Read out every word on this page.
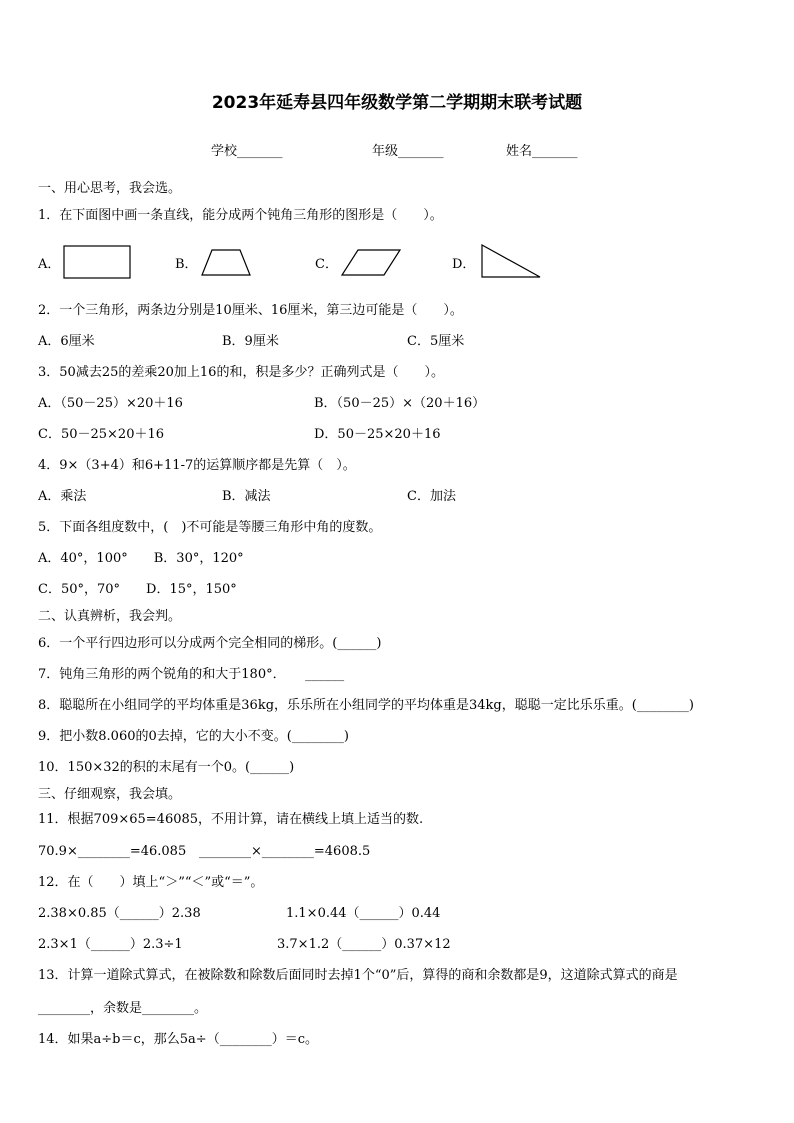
2023年延寿县四年级数学第二学期期末联考试题
学校_______	年级_______	姓名_______
一、用心思考，我会选。
1．在下面图中画一条直线，能分成两个钝角三角形的图形是（　　）。
A．	B．	C．	D．
2．一个三角形，两条边分别是10厘米、16厘米，第三边可能是（　　）。
A．6厘米	B．9厘米	C．5厘米
3．50减去25的差乘20加上16的和，积是多少？正确列式是（　　）。
A．（50－25）×20＋16	B．（50－25）×（20＋16）
C．50－25×20＋16	D．50－25×20＋16
4．9×（3+4）和6+11-7的运算顺序都是先算（　）。
A．乘法	B．减法	C．加法
5．下面各组度数中，(　)不可能是等腰三角形中角的度数。
A．40°，100°　　B．30°，120°
C．50°，70°　　D．15°，150°
二、认真辨析，我会判。
6．一个平行四边形可以分成两个完全相同的梯形。(______)
7．钝角三角形的两个锐角的和大于180°．　　______
8．聪聪所在小组同学的平均体重是36kg，乐乐所在小组同学的平均体重是34kg，聪聪一定比乐乐重。(________)
9．把小数8.060的0去掉，它的大小不变。(________)
10．150×32的积的末尾有一个0。(______)
三、仔细观察，我会填。
11．根据709×65=46085，不用计算，请在横线上填上适当的数.
70.9×________=46.085 ________×________=4608.5
12．在（　　）填上“＞”“＜”或“＝”。
2.38×0.85（______）2.38	1.1×0.44（______）0.44
2.3×1（______）2.3÷1	3.7×1.2（______）0.37×12
13．计算一道除式算式，在被除数和除数后面同时去掉1个“0”后，算得的商和余数都是9，这道除式算式的商是
________，余数是________。
14．如果a÷b＝c，那么5a÷（________）＝c。
